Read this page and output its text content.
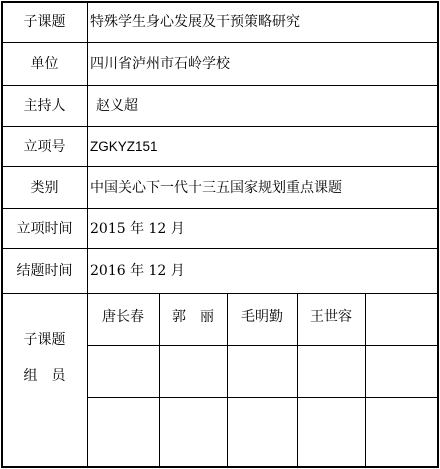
子课题	特殊学生身心发展及干预策略研究
单位	四川省泸州市石岭学校
主持人	赵义超
立项号	ZGKYZ151
类别	中国关心下一代十三五国家规划重点课题
立项时间	2015 年 12 月
结题时间	2016 年 12 月
子课题
组　员
唐长春	郭　丽	毛明勤	王世容
